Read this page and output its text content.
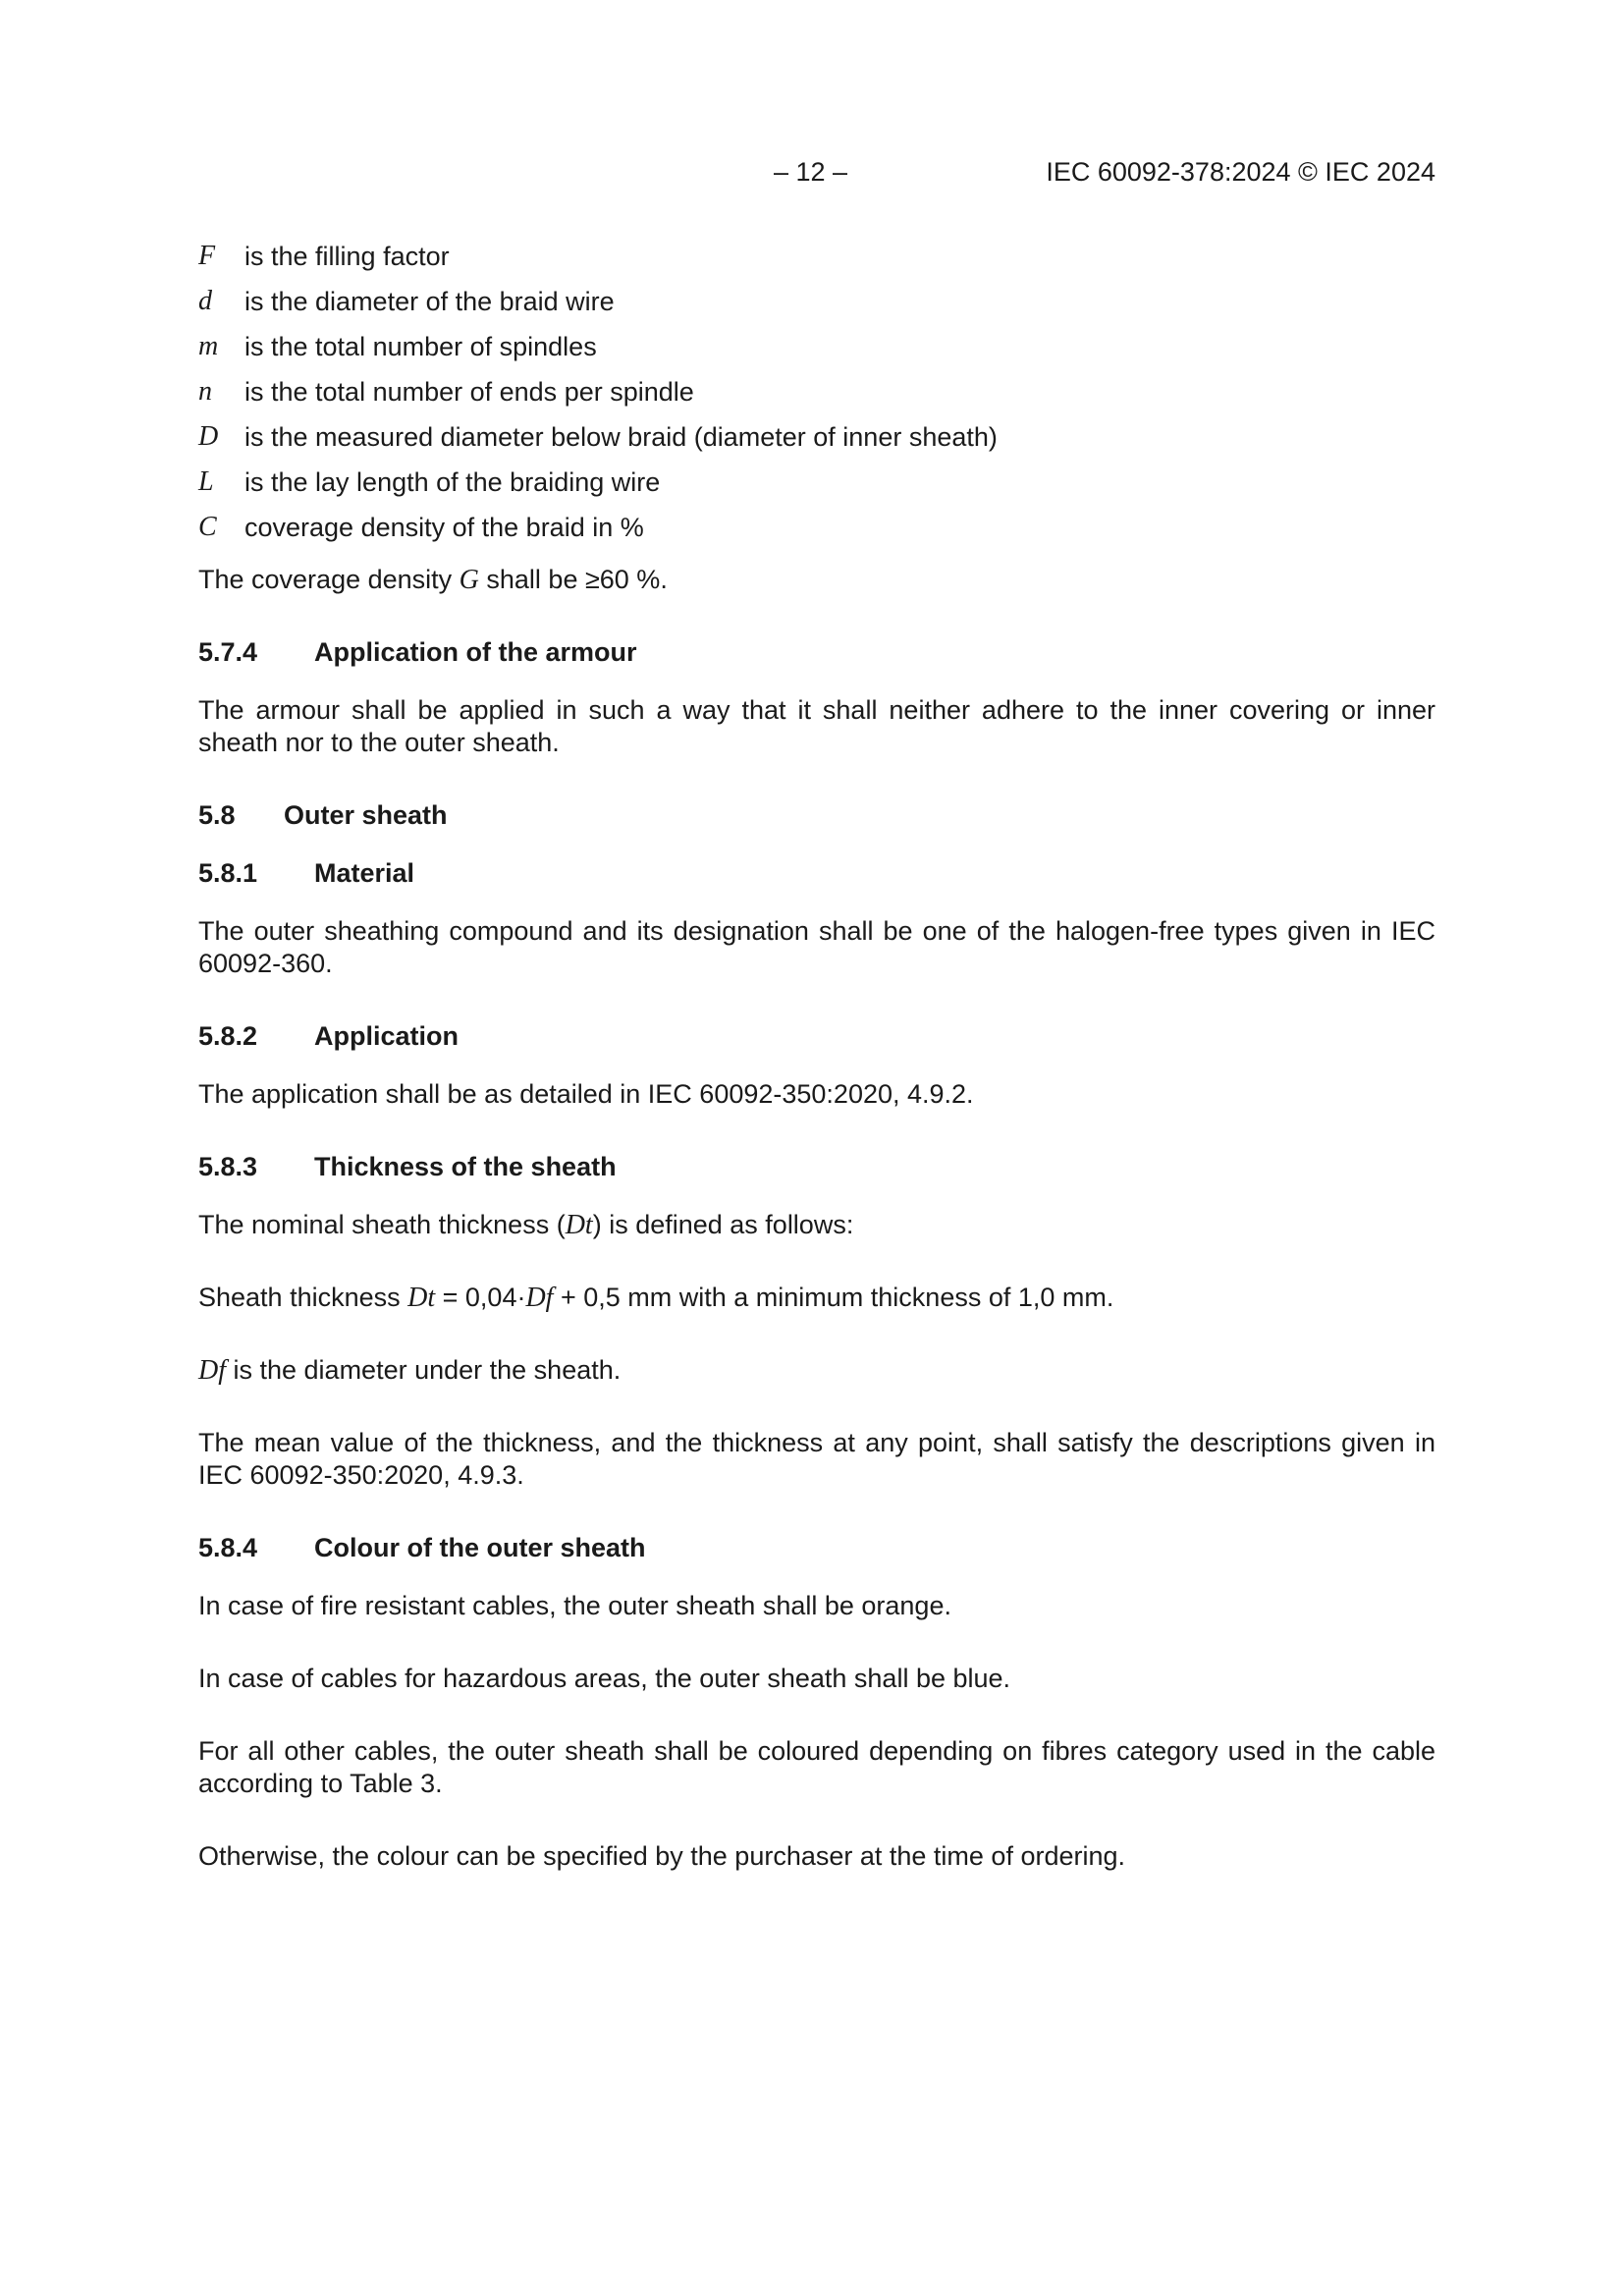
– 12 –	IEC 60092-378:2024 © IEC 2024
F	is the filling factor
d	is the diameter of the braid wire
m is the total number of spindles
n	is the total number of ends per spindle
D is the measured diameter below braid (diameter of inner sheath)
L	is the lay length of the braiding wire
C	coverage density of the braid in %

The coverage density G shall be ≥60 %.

5.7.4	Application of the armour

The armour shall be applied in such a way that it shall neither adhere to the inner covering or inner sheath nor to the outer sheath.

5.8	Outer sheath
5.8.1	Material

The outer sheathing compound and its designation shall be one of the halogen-free types given in IEC 60092-360.

5.8.2	Application

The application shall be as detailed in IEC 60092-350:2020, 4.9.2.

5.8.3	Thickness of the sheath

The nominal sheath thickness (Dt) is defined as follows:

Sheath thickness Dt = 0,04·Df + 0,5 mm with a minimum thickness of 1,0 mm.

Df is the diameter under the sheath.

The mean value of the thickness, and the thickness at any point, shall satisfy the descriptions given in IEC 60092-350:2020, 4.9.3.

5.8.4	Colour of the outer sheath

In case of fire resistant cables, the outer sheath shall be orange.

In case of cables for hazardous areas, the outer sheath shall be blue.

For all other cables, the outer sheath shall be coloured depending on fibres category used in the cable according to Table 3.

Otherwise, the colour can be specified by the purchaser at the time of ordering.
